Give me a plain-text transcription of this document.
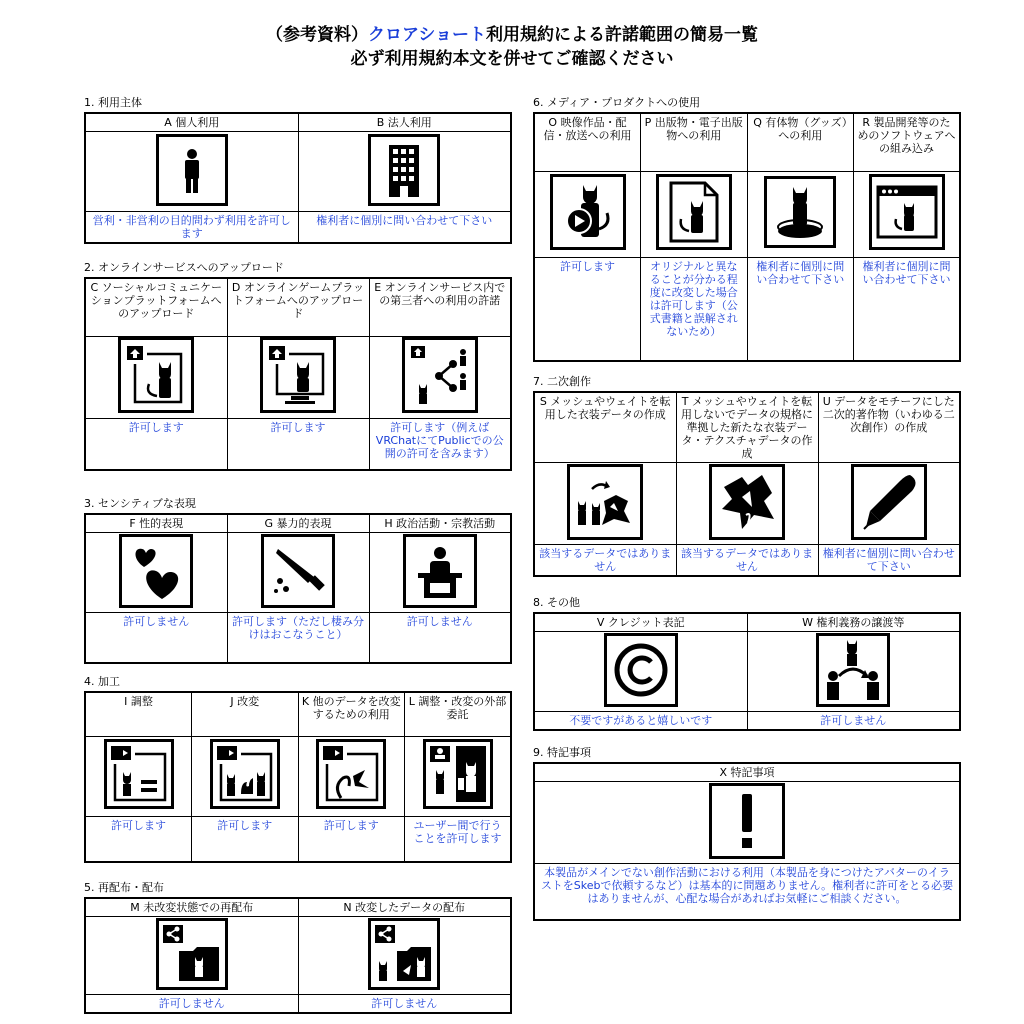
（参考資料）クロアショート利用規約による許諾範囲の簡易一覧
必ず利用規約本文を併せてご確認ください
1. 利用主体
A 個人利用	B 法人利用

営利・非営利の目的問わず利用を許可します	権利者に個別に問い合わせて下さい
2. オンラインサービスへのアップロード
C ソーシャルコミュニケーションプラットフォームへのアップロード	D オンラインゲームプラットフォームへのアップロード	E オンラインサービス内での第三者への利用の許諾

許可します	許可します	許可します（例えばVRChatにてPublicでの公開の許可を含みます）
3. センシティブな表現
F 性的表現	G 暴力的表現	H 政治活動・宗教活動

許可しません	許可します（ただし棲み分けはおこなうこと）	許可しません
4. 加工
I 調整	J 改変	K 他のデータを改変するための利用	L 調整・改変の外部委託

許可します	許可します	許可します	ユーザー間で行うことを許可します
5. 再配布・配布
M 未改変状態での再配布	N 改変したデータの配布

許可しません	許可しません
6. メディア・プロダクトへの使用
O 映像作品・配信・放送への利用	P 出版物・電子出版物への利用	Q 有体物（グッズ）への利用	R 製品開発等のためのソフトウェアへの組み込み

許可します	オリジナルと異なることが分かる程度に改変した場合は許可します（公式書籍と誤解されないため）	権利者に個別に問い合わせて下さい	権利者に個別に問い合わせて下さい
7. 二次創作
S メッシュやウェイトを転用した衣装データの作成	T メッシュやウェイトを転用しないでデータの規格に準拠した新たな衣装データ・テクスチャデータの作成	U データをモチーフにした二次的著作物（いわゆる二次創作）の作成

該当するデータではありません	該当するデータではありません	権利者に個別に問い合わせて下さい
8. その他
V クレジット表記	W 権利義務の譲渡等

不要ですがあると嬉しいです	許可しません
9. 特記事項
X 特記事項

本製品がメインでない創作活動における利用（本製品を身につけたアバターのイラストをSkebで依頼するなど）は基本的に問題ありません。権利者に許可をとる必要はありませんが、心配な場合があればお気軽にご相談ください。
